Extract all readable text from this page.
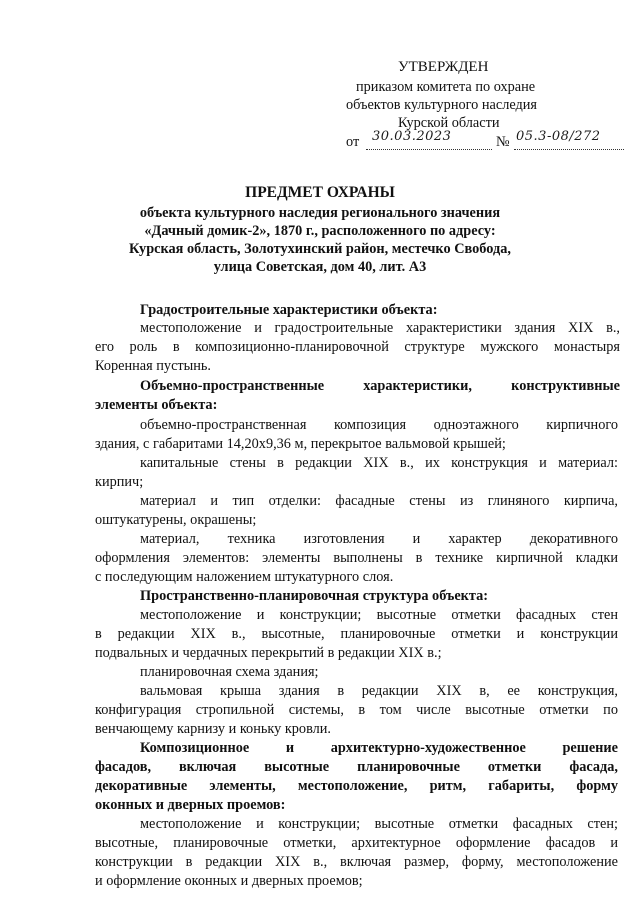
УТВЕРЖДЕН
приказом комитета по охране
объектов культурного наследия
Курской области
от 30.03.2023	№ 05.3-08/272
ПРЕДМЕТ ОХРАНЫ
объекта культурного наследия регионального значения
«Дачный домик-2», 1870 г., расположенного по адресу:
Курская область, Золотухинский район, местечко Свобода,
улица Советская, дом 40, лит. А3
Градостроительные характеристики объекта:
местоположение и градостроительные характеристики здания XIX в.,
его роль в композиционно-планировочной структуре мужского монастыря
Коренная пустынь.
Объемно-пространственные характеристики, конструктивные
элементы объекта:
объемно-пространственная композиция одноэтажного кирпичного
здания, с габаритами 14,20х9,36 м, перекрытое вальмовой крышей;
капитальные стены в редакции XIX в., их конструкция и материал:
кирпич;
материал и тип отделки: фасадные стены из глиняного кирпича,
оштукатурены, окрашены;
материал, техника изготовления и характер декоративного
оформления элементов: элементы выполнены в технике кирпичной кладки
с последующим наложением штукатурного слоя.
Пространственно-планировочная структура объекта:
местоположение и конструкции; высотные отметки фасадных стен
в редакции XIX в., высотные, планировочные отметки и конструкции
подвальных и чердачных перекрытий в редакции XIX в.;
планировочная схема здания;
вальмовая крыша здания в редакции XIX в, ее конструкция,
конфигурация стропильной системы, в том числе высотные отметки по
венчающему карнизу и коньку кровли.
Композиционное и архитектурно-художественное решение
фасадов, включая высотные планировочные отметки фасада,
декоративные элементы, местоположение, ритм, габариты, форму
оконных и дверных проемов:
местоположение и конструкции; высотные отметки фасадных стен;
высотные, планировочные отметки, архитектурное оформление фасадов и
конструкции в редакции XIX в., включая размер, форму, местоположение
и оформление оконных и дверных проемов;
